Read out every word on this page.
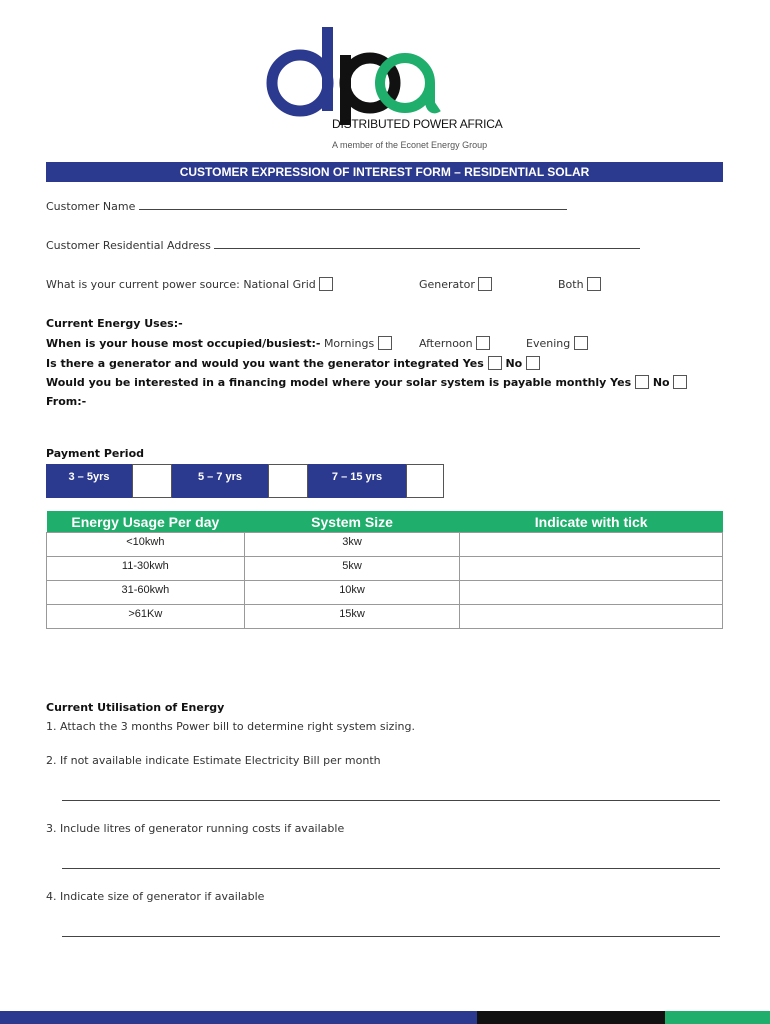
DISTRIBUTED POWER AFRICA
A member of the Econet Energy Group
CUSTOMER EXPRESSION OF INTEREST FORM – RESIDENTIAL SOLAR
Customer Name
Customer Residential Address
What is your current power source: National Grid	Generator	Both
Current Energy Uses:-
When is your house most occupied/busiest:- Mornings	Afternoon	Evening
Is there a generator and would you want the generator integrated Yes No
Would you be interested in a financing model where your solar system is payable monthly Yes No
From:-
Payment Period
3 – 5yrs	5 – 7 yrs	7 – 15 yrs
Energy Usage Per day	System Size	Indicate with tick
<10kwh	3kw	
11-30kwh	5kw	
31-60kwh	10kw	
>61Kw	15kw	
Current Utilisation of Energy
1. Attach the 3 months Power bill to determine right system sizing.
2. If not available indicate Estimate Electricity Bill per month
3. Include litres of generator running costs if available
4. Indicate size of generator if available
